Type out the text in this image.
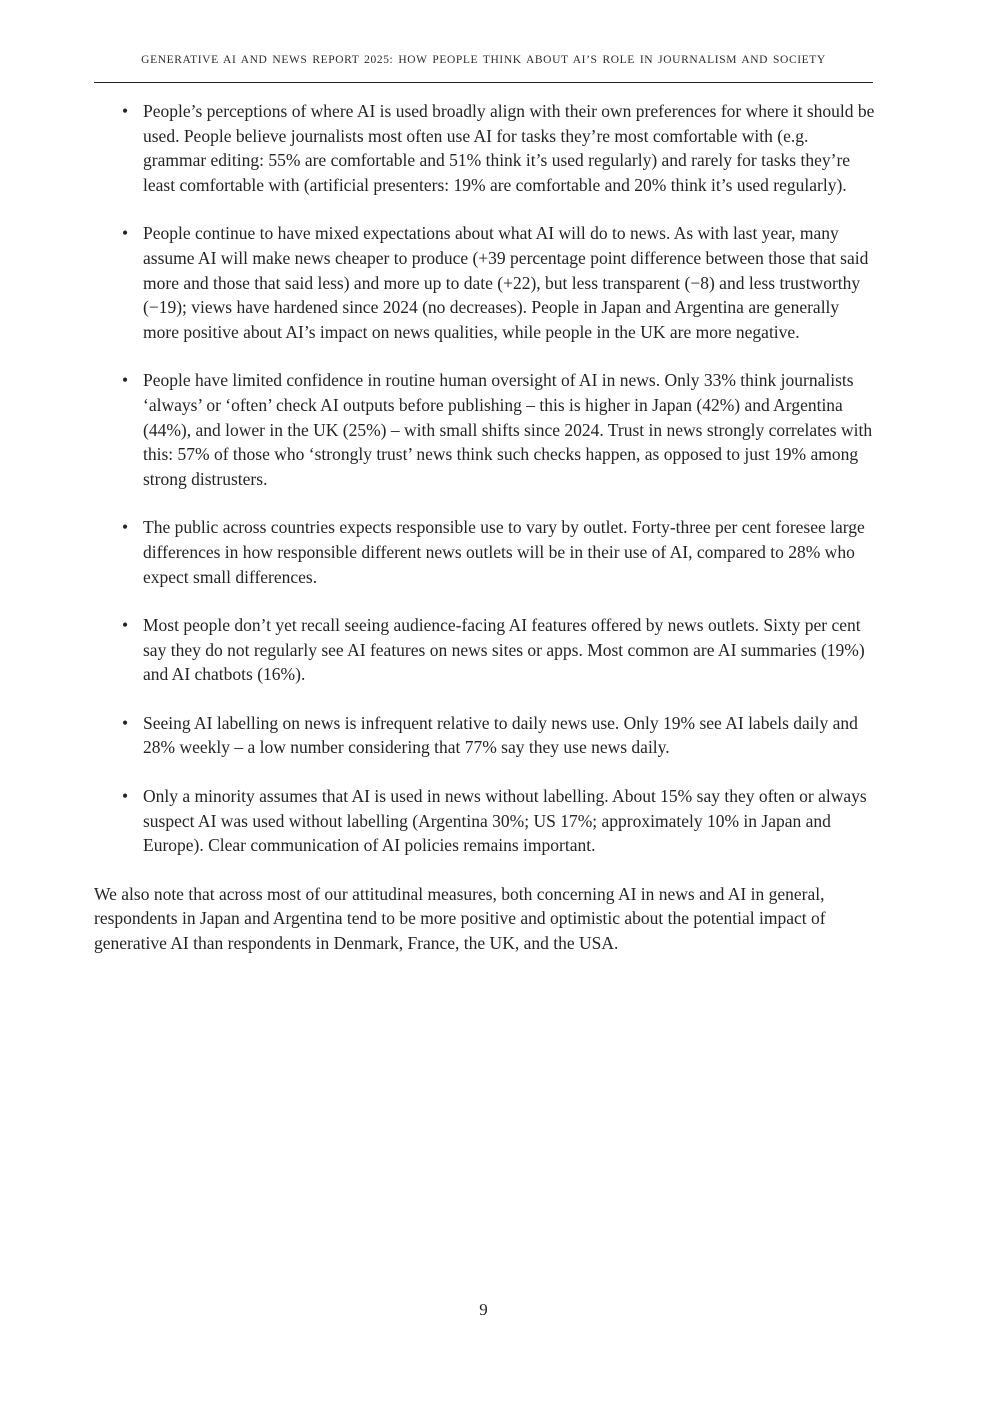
GENERATIVE AI AND NEWS REPORT 2025: HOW PEOPLE THINK ABOUT AI’S ROLE IN JOURNALISM AND SOCIETY
• People’s perceptions of where AI is used broadly align with their own preferences for where it should be used. People believe journalists most often use AI for tasks they’re most comfortable with (e.g. grammar editing: 55% are comfortable and 51% think it’s used regularly) and rarely for tasks they’re least comfortable with (artificial presenters: 19% are comfortable and 20% think it’s used regularly).
• People continue to have mixed expectations about what AI will do to news. As with last year, many assume AI will make news cheaper to produce (+39 percentage point difference between those that said more and those that said less) and more up to date (+22), but less transparent (−8) and less trustworthy (−19); views have hardened since 2024 (no decreases). People in Japan and Argentina are generally more positive about AI’s impact on news qualities, while people in the UK are more negative.
• People have limited confidence in routine human oversight of AI in news. Only 33% think journalists ‘always’ or ‘often’ check AI outputs before publishing – this is higher in Japan (42%) and Argentina (44%), and lower in the UK (25%) – with small shifts since 2024. Trust in news strongly correlates with this: 57% of those who ‘strongly trust’ news think such checks happen, as opposed to just 19% among strong distrusters.
• The public across countries expects responsible use to vary by outlet. Forty-three per cent foresee large differences in how responsible different news outlets will be in their use of AI, compared to 28% who expect small differences.
• Most people don’t yet recall seeing audience-facing AI features offered by news outlets. Sixty per cent say they do not regularly see AI features on news sites or apps. Most common are AI summaries (19%) and AI chatbots (16%).
• Seeing AI labelling on news is infrequent relative to daily news use. Only 19% see AI labels daily and 28% weekly – a low number considering that 77% say they use news daily.
• Only a minority assumes that AI is used in news without labelling. About 15% say they often or always suspect AI was used without labelling (Argentina 30%; US 17%; approximately 10% in Japan and Europe). Clear communication of AI policies remains important.

We also note that across most of our attitudinal measures, both concerning AI in news and AI in general, respondents in Japan and Argentina tend to be more positive and optimistic about the potential impact of generative AI than respondents in Denmark, France, the UK, and the USA.

9
